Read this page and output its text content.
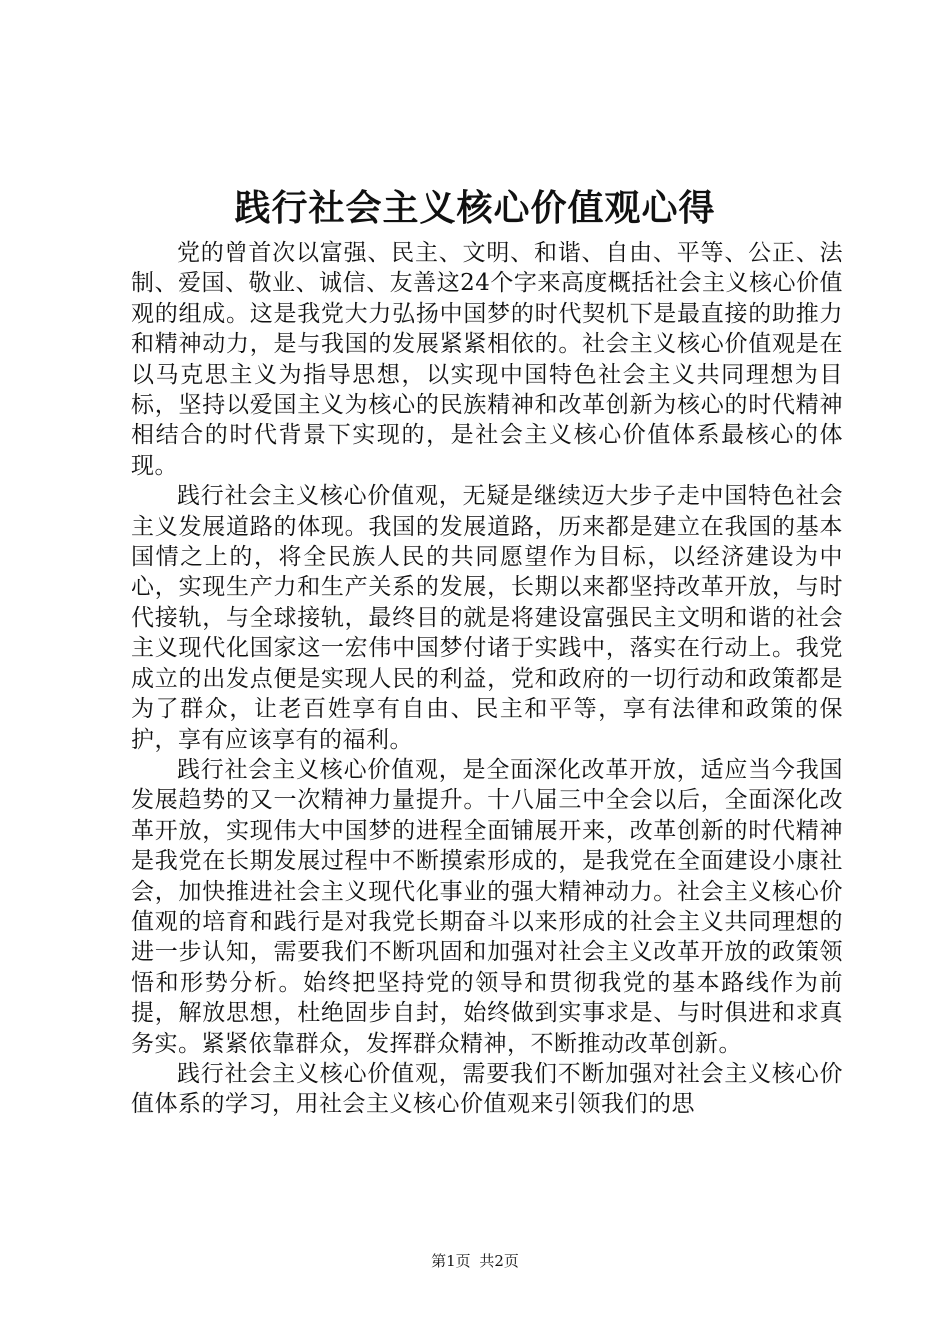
践行社会主义核心价值观心得

党的曾首次以富强、民主、文明、和谐、自由、平等、公正、法制、爱国、敬业、诚信、友善这24个字来高度概括社会主义核心价值观的组成。这是我党大力弘扬中国梦的时代契机下是最直接的助推力和精神动力，是与我国的发展紧紧相依的。社会主义核心价值观是在以马克思主义为指导思想，以实现中国特色社会主义共同理想为目标，坚持以爱国主义为核心的民族精神和改革创新为核心的时代精神相结合的时代背景下实现的，是社会主义核心价值体系最核心的体现。

践行社会主义核心价值观，无疑是继续迈大步子走中国特色社会主义发展道路的体现。我国的发展道路，历来都是建立在我国的基本国情之上的，将全民族人民的共同愿望作为目标，以经济建设为中心，实现生产力和生产关系的发展，长期以来都坚持改革开放，与时代接轨，与全球接轨，最终目的就是将建设富强民主文明和谐的社会主义现代化国家这一宏伟中国梦付诸于实践中，落实在行动上。我党成立的出发点便是实现人民的利益，党和政府的一切行动和政策都是为了群众，让老百姓享有自由、民主和平等，享有法律和政策的保护，享有应该享有的福利。

践行社会主义核心价值观，是全面深化改革开放，适应当今我国发展趋势的又一次精神力量提升。十八届三中全会以后，全面深化改革开放，实现伟大中国梦的进程全面铺展开来，改革创新的时代精神是我党在长期发展过程中不断摸索形成的，是我党在全面建设小康社会，加快推进社会主义现代化事业的强大精神动力。社会主义核心价值观的培育和践行是对我党长期奋斗以来形成的社会主义共同理想的进一步认知，需要我们不断巩固和加强对社会主义改革开放的政策领悟和形势分析。始终把坚持党的领导和贯彻我党的基本路线作为前提，解放思想，杜绝固步自封，始终做到实事求是、与时俱进和求真务实。紧紧依靠群众，发挥群众精神，不断推动改革创新。

践行社会主义核心价值观，需要我们不断加强对社会主义核心价值体系的学习，用社会主义核心价值观来引领我们的思

第1页 共2页
